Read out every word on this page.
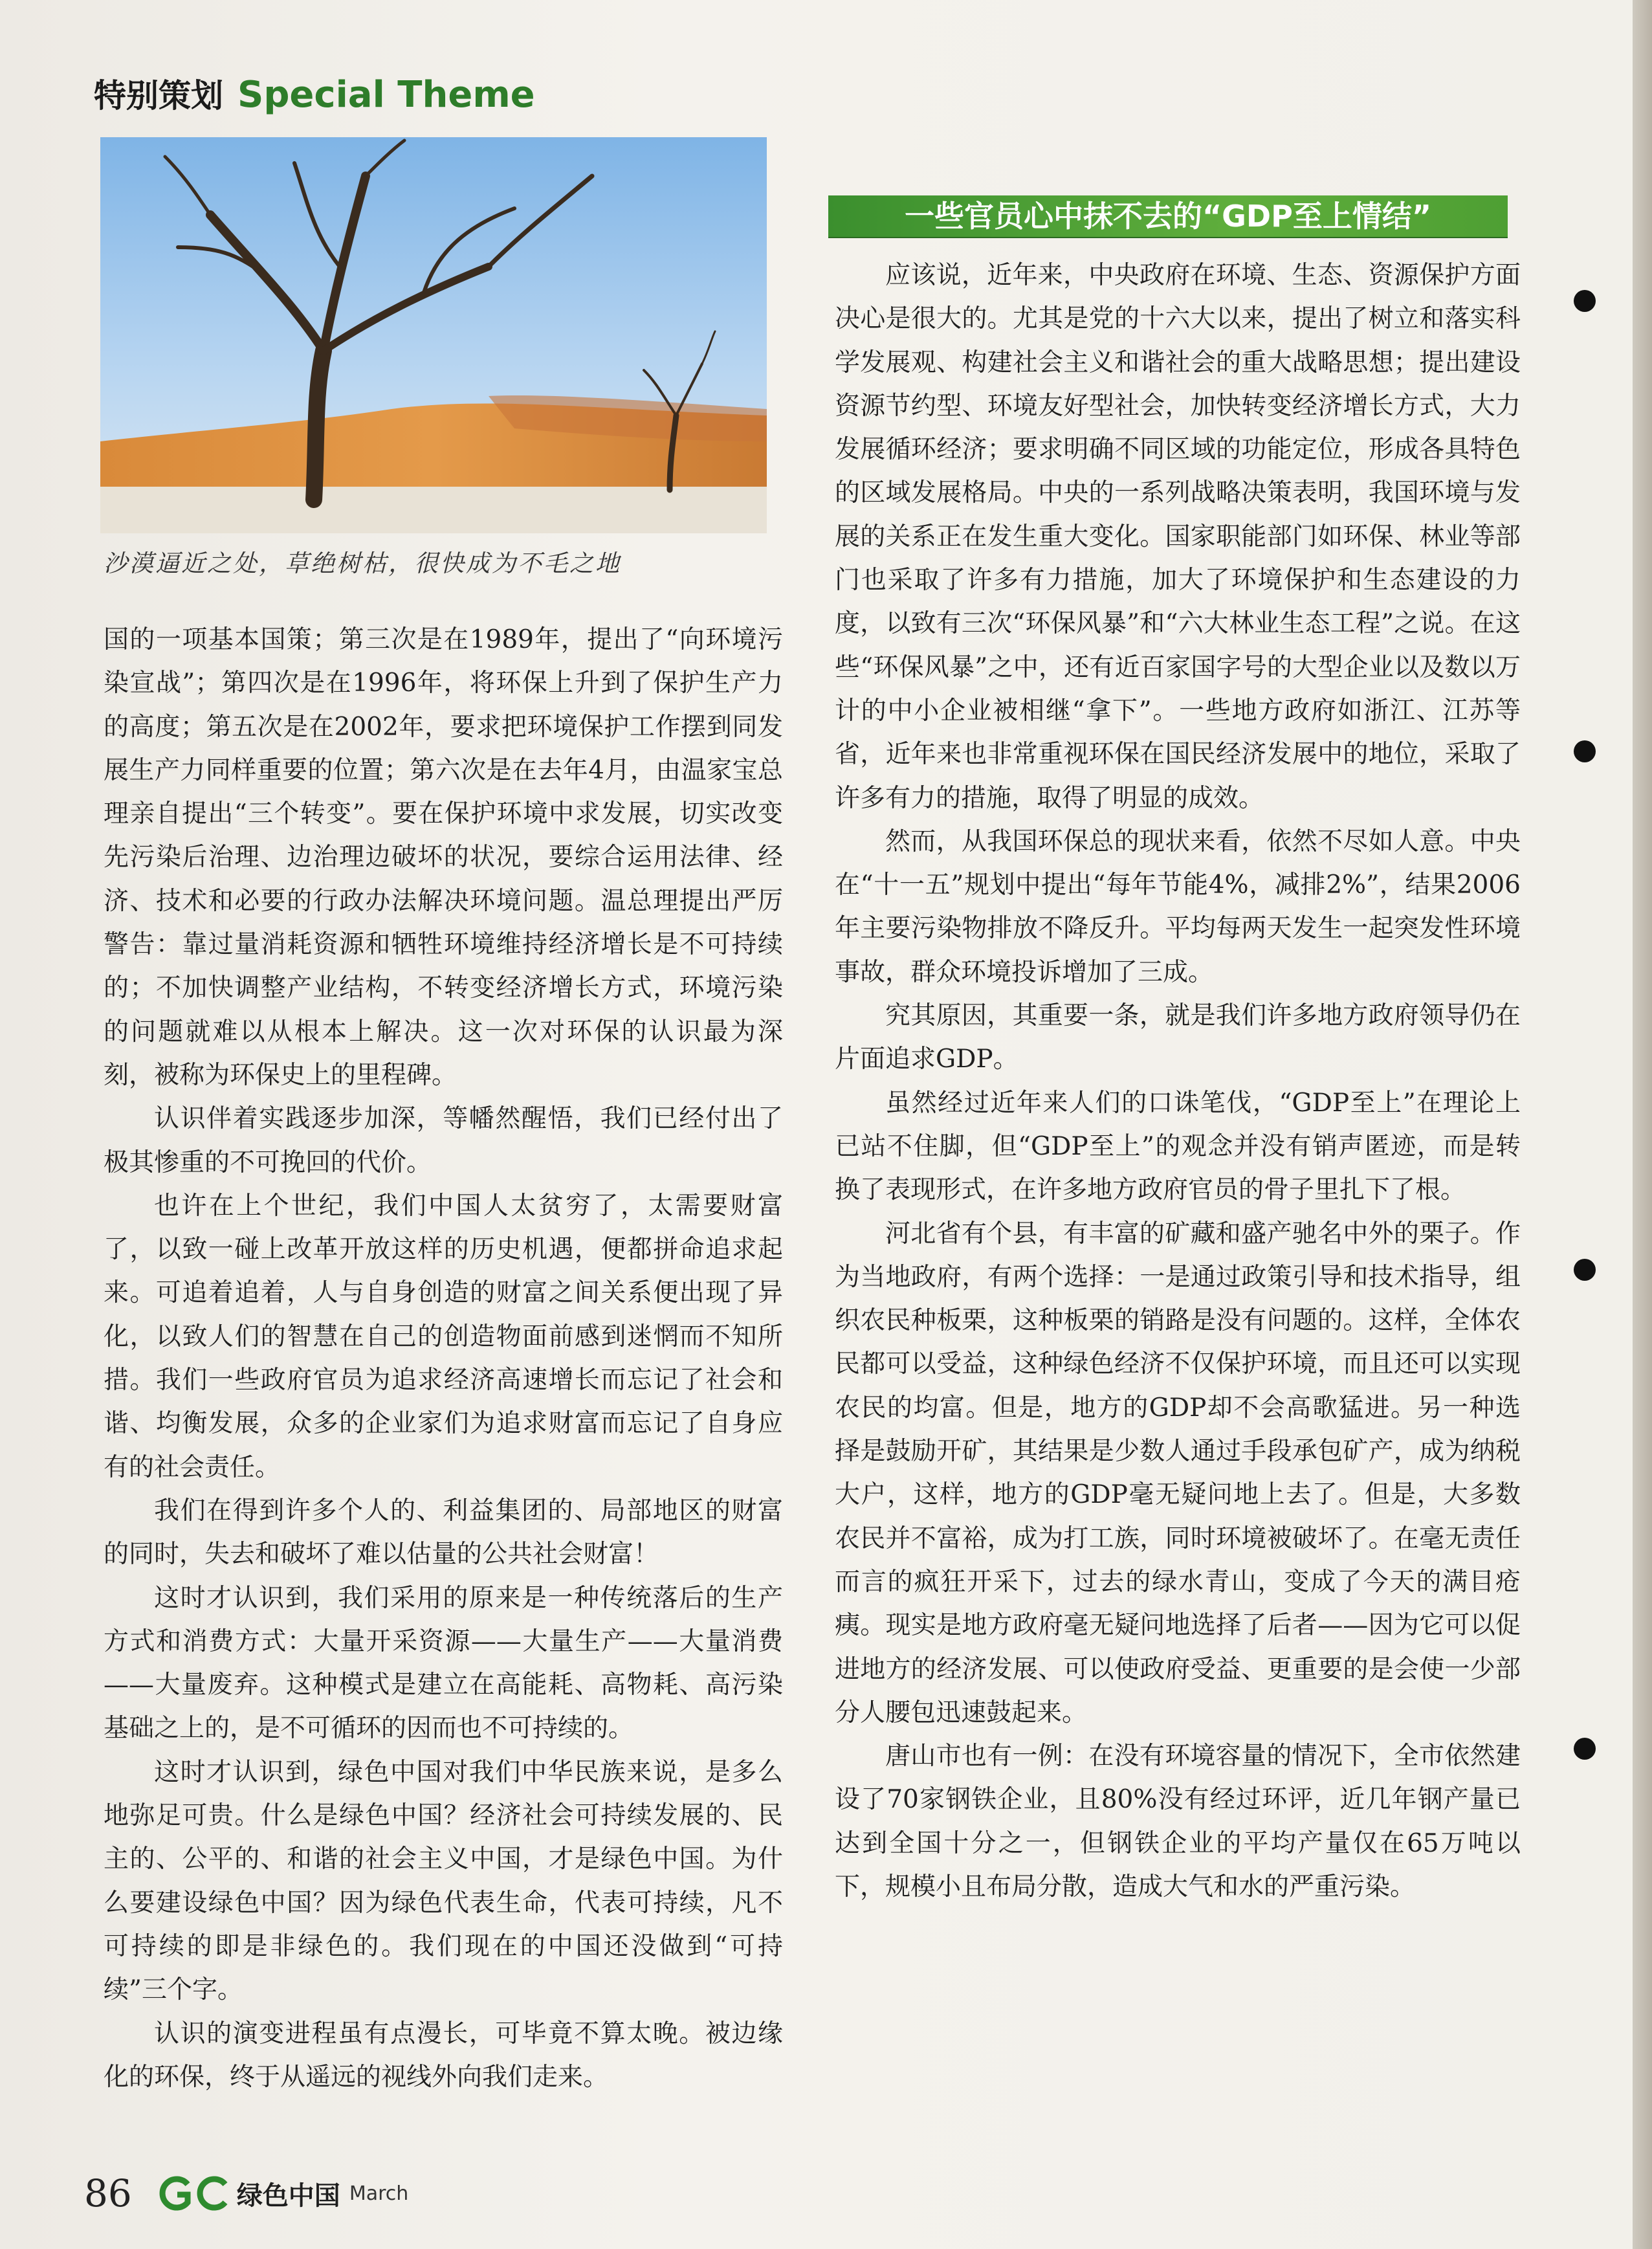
特别策划 Special Theme
沙漠逼近之处，草绝树枯，很快成为不毛之地

国的一项基本国策；第三次是在1989年，提出了“向环境污染宣战”；第四次是在1996年，将环保上升到了保护生产力的高度；第五次是在2002年，要求把环境保护工作摆到同发展生产力同样重要的位置；第六次是在去年4月，由温家宝总理亲自提出“三个转变”。要在保护环境中求发展，切实改变先污染后治理、边治理边破坏的状况，要综合运用法律、经济、技术和必要的行政办法解决环境问题。温总理提出严厉警告：靠过量消耗资源和牺牲环境维持经济增长是不可持续的；不加快调整产业结构，不转变经济增长方式，环境污染的问题就难以从根本上解决。这一次对环保的认识最为深刻，被称为环保史上的里程碑。

认识伴着实践逐步加深，等幡然醒悟，我们已经付出了极其惨重的不可挽回的代价。

也许在上个世纪，我们中国人太贫穷了，太需要财富了，以致一碰上改革开放这样的历史机遇，便都拼命追求起来。可追着追着，人与自身创造的财富之间关系便出现了异化，以致人们的智慧在自己的创造物面前感到迷惘而不知所措。我们一些政府官员为追求经济高速增长而忘记了社会和谐、均衡发展，众多的企业家们为追求财富而忘记了自身应有的社会责任。

我们在得到许多个人的、利益集团的、局部地区的财富的同时，失去和破坏了难以估量的公共社会财富！

这时才认识到，我们采用的原来是一种传统落后的生产方式和消费方式：大量开采资源——大量生产——大量消费——大量废弃。这种模式是建立在高能耗、高物耗、高污染基础之上的，是不可循环的因而也不可持续的。

这时才认识到，绿色中国对我们中华民族来说，是多么地弥足可贵。什么是绿色中国？经济社会可持续发展的、民主的、公平的、和谐的社会主义中国，才是绿色中国。为什么要建设绿色中国？因为绿色代表生命，代表可持续，凡不可持续的即是非绿色的。我们现在的中国还没做到“可持续”三个字。

认识的演变进程虽有点漫长，可毕竟不算太晚。被边缘化的环保，终于从遥远的视线外向我们走来。

一些官员心中抹不去的“GDP至上情结”

应该说，近年来，中央政府在环境、生态、资源保护方面决心是很大的。尤其是党的十六大以来，提出了树立和落实科学发展观、构建社会主义和谐社会的重大战略思想；提出建设资源节约型、环境友好型社会，加快转变经济增长方式，大力发展循环经济；要求明确不同区域的功能定位，形成各具特色的区域发展格局。中央的一系列战略决策表明，我国环境与发展的关系正在发生重大变化。国家职能部门如环保、林业等部门也采取了许多有力措施，加大了环境保护和生态建设的力度，以致有三次“环保风暴”和“六大林业生态工程”之说。在这些“环保风暴”之中，还有近百家国字号的大型企业以及数以万计的中小企业被相继“拿下”。一些地方政府如浙江、江苏等省，近年来也非常重视环保在国民经济发展中的地位，采取了许多有力的措施，取得了明显的成效。

然而，从我国环保总的现状来看，依然不尽如人意。中央在“十一五”规划中提出“每年节能4%，减排2%”，结果2006年主要污染物排放不降反升。平均每两天发生一起突发性环境事故，群众环境投诉增加了三成。

究其原因，其重要一条，就是我们许多地方政府领导仍在片面追求GDP。

虽然经过近年来人们的口诛笔伐，“GDP至上”在理论上已站不住脚，但“GDP至上”的观念并没有销声匿迹，而是转换了表现形式，在许多地方政府官员的骨子里扎下了根。

河北省有个县，有丰富的矿藏和盛产驰名中外的栗子。作为当地政府，有两个选择：一是通过政策引导和技术指导，组织农民种板栗，这种板栗的销路是没有问题的。这样，全体农民都可以受益，这种绿色经济不仅保护环境，而且还可以实现农民的均富。但是，地方的GDP却不会高歌猛进。另一种选择是鼓励开矿，其结果是少数人通过手段承包矿产，成为纳税大户，这样，地方的GDP毫无疑问地上去了。但是，大多数农民并不富裕，成为打工族，同时环境被破坏了。在毫无责任而言的疯狂开采下，过去的绿水青山，变成了今天的满目疮痍。现实是地方政府毫无疑问地选择了后者——因为它可以促进地方的经济发展、可以使政府受益、更重要的是会使一少部分人腰包迅速鼓起来。

唐山市也有一例：在没有环境容量的情况下，全市依然建设了70家钢铁企业，且80%没有经过环评，近几年钢产量已达到全国十分之一，但钢铁企业的平均产量仅在65万吨以下，规模小且布局分散，造成大气和水的严重污染。

86	绿色中国 March
